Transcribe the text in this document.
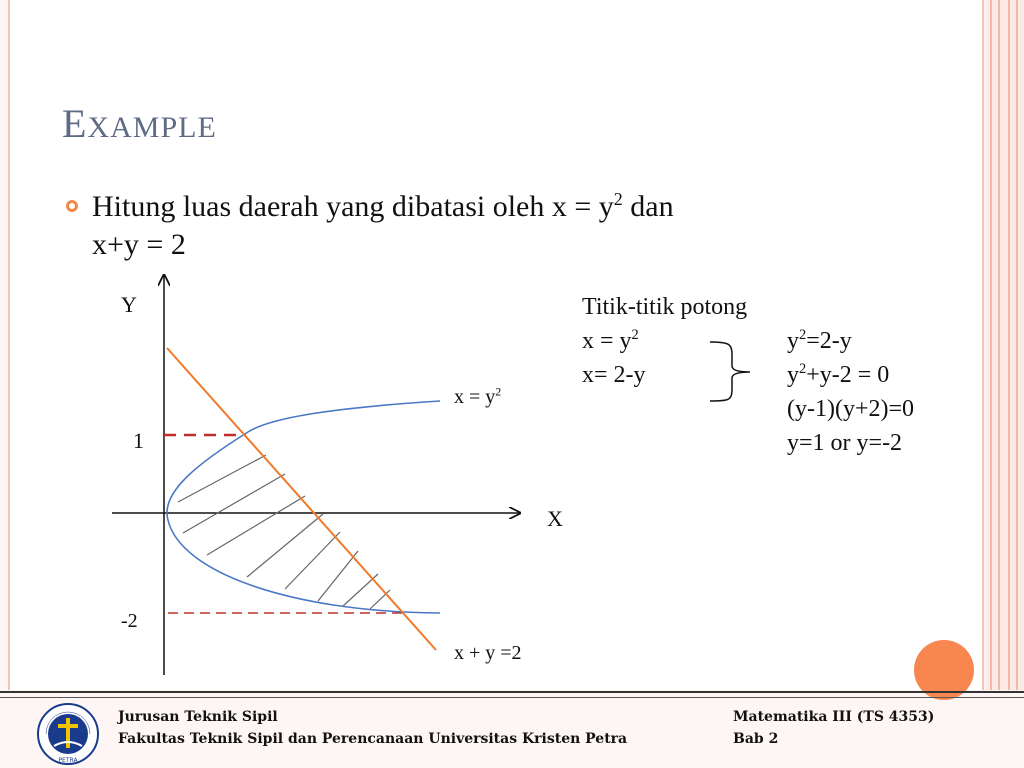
EXAMPLE
Hitung luas daerah yang dibatasi oleh $x = y^2$ dan
x+y = 2
Y
X
1
-2
$x = y^2$
x + y =2
Titik-titik potong
$x = y^2$
x= 2-y
$y^2=2-y$
$y^2+y-2 = 0$
(y-1)(y+2)=0
y=1 or y=-2
PETRA
Jurusan Teknik Sipil
Fakultas Teknik Sipil dan Perencanaan Universitas Kristen Petra
Matematika III (TS 4353)
Bab 2
